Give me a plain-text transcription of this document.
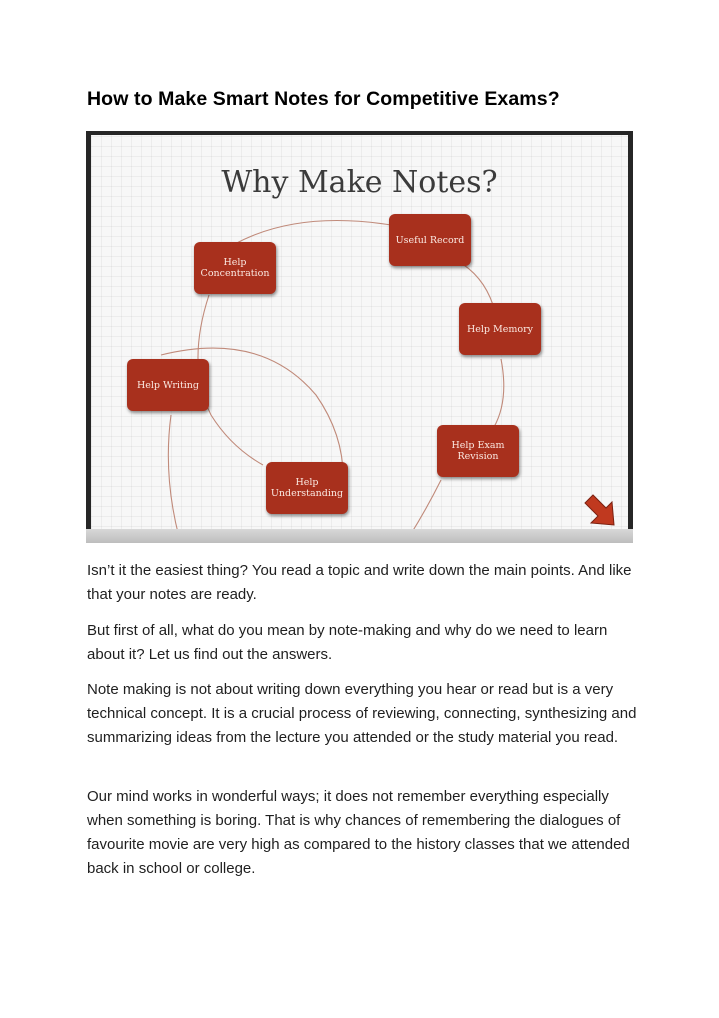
How to Make Smart Notes for Competitive Exams?
Why Make Notes?
Useful Record
Help
Concentration
Help Memory
Help Writing
Help Exam
Revision
Help
Understanding

Isn’t it the easiest thing? You read a topic and write down the main points. And like that your notes are ready.

But first of all, what do you mean by note-making and why do we need to learn about it? Let us find out the answers.

Note making is not about writing down everything you hear or read but is a very technical concept. It is a crucial process of reviewing, connecting, synthesizing and summarizing ideas from the lecture you attended or the study material you read.

Our mind works in wonderful ways; it does not remember everything especially when something is boring. That is why chances of remembering the dialogues of favourite movie are very high as compared to the history classes that we attended back in school or college.
